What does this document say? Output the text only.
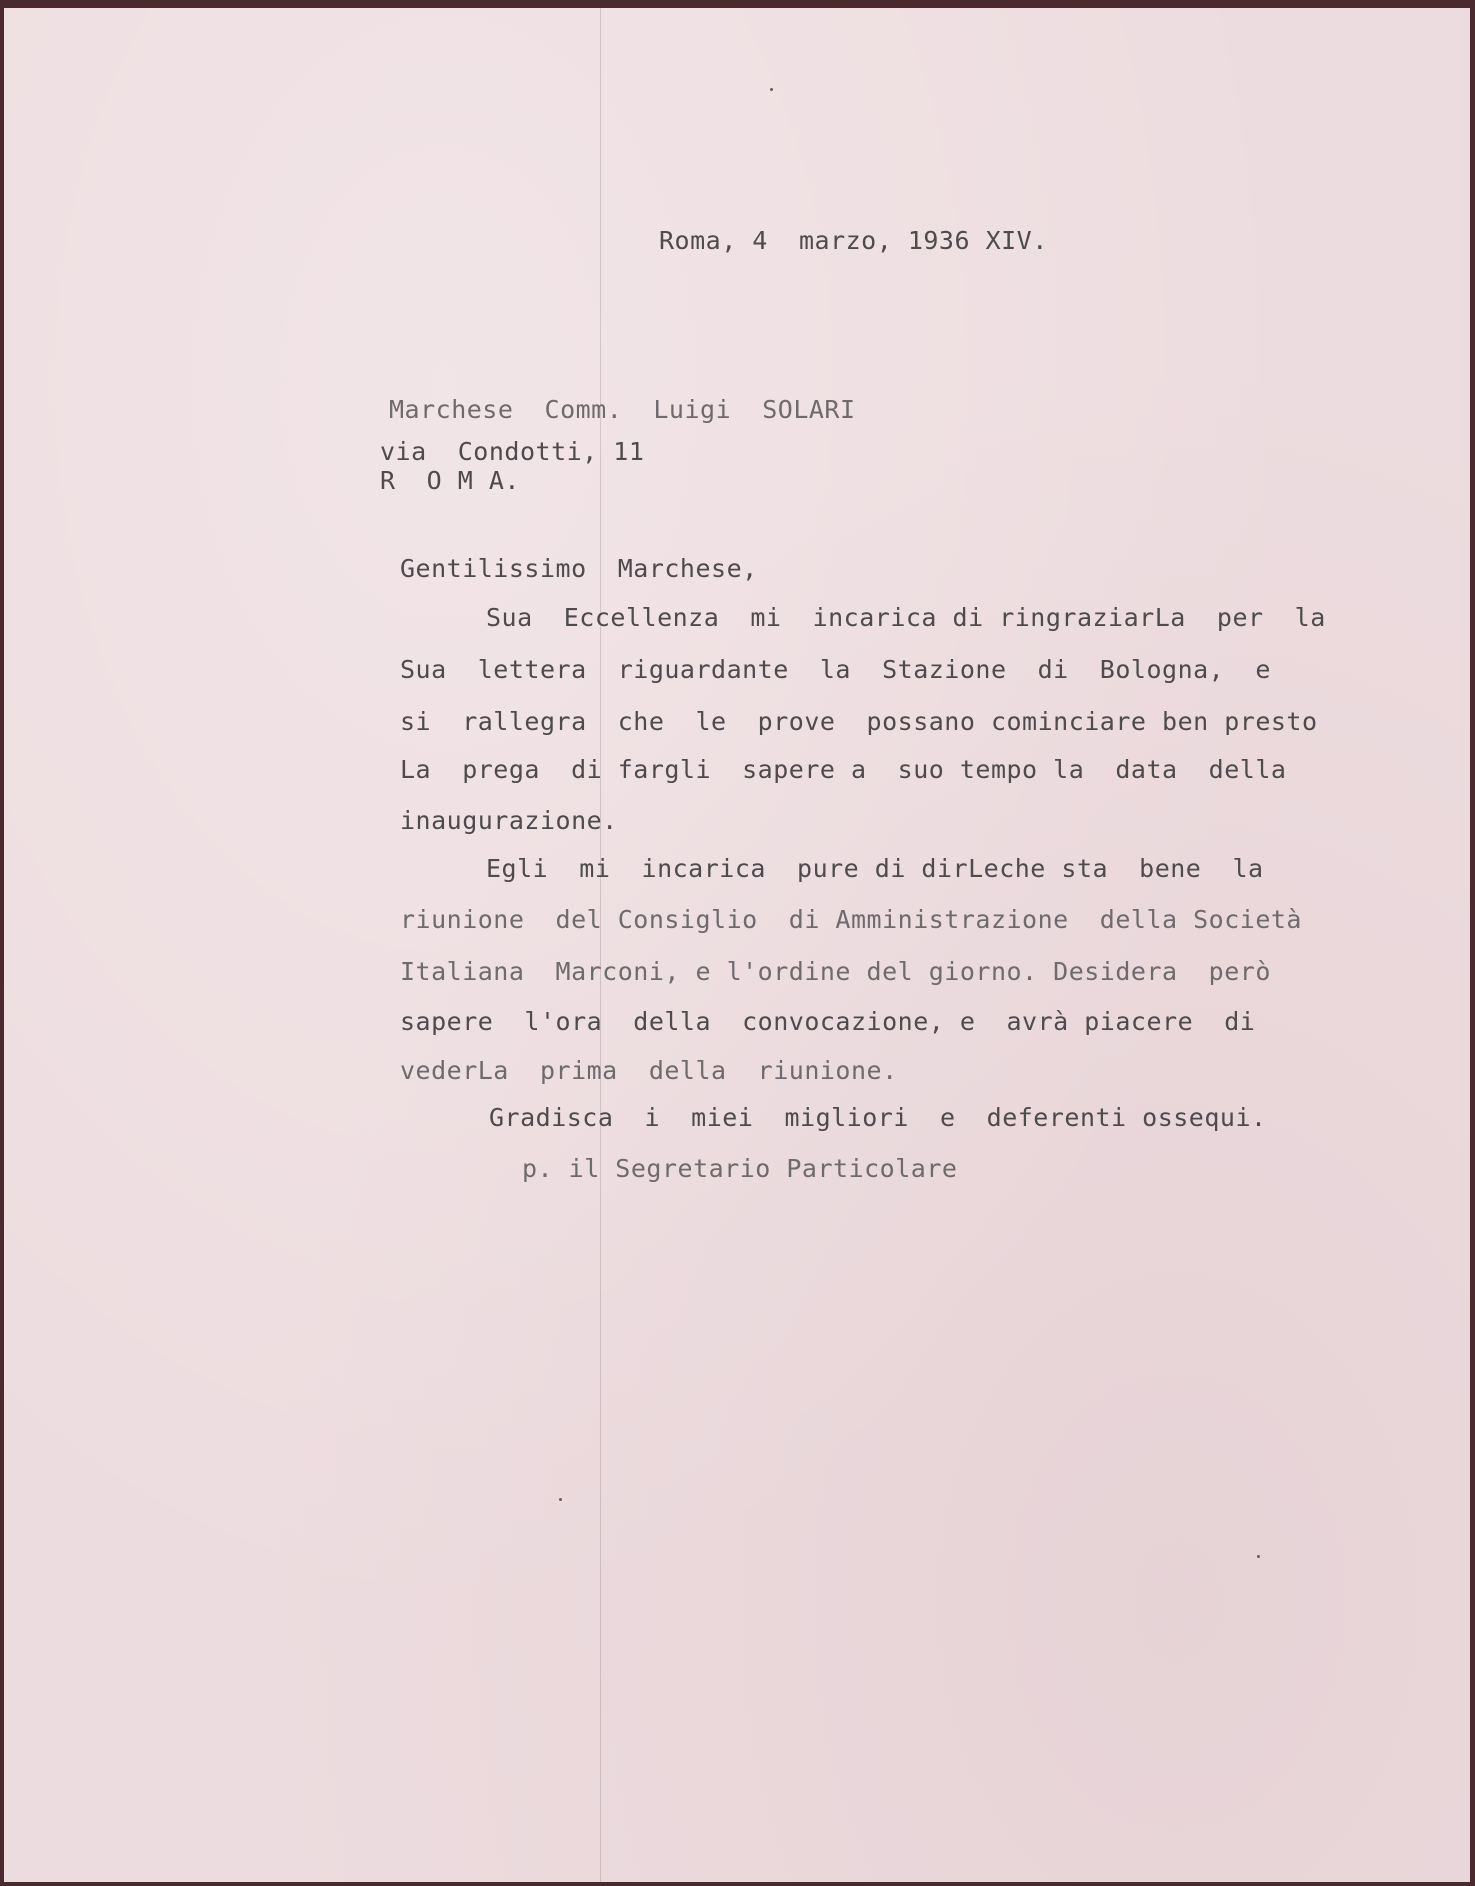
Roma, 4  marzo, 1936 XIV.
Marchese  Comm.  Luigi  SOLARI
via  Condotti, 11
R  O M A.
Gentilissimo  Marchese,
Sua  Eccellenza  mi  incarica di ringraziarLa  per  la
Sua  lettera  riguardante  la  Stazione  di  Bologna,  e
si  rallegra  che  le  prove  possano cominciare ben presto
La  prega  di fargli  sapere a  suo tempo la  data  della
inaugurazione.
Egli  mi  incarica  pure di dirLeche sta  bene  la
riunione  del Consiglio  di Amministrazione  della Società
Italiana  Marconi, e l'ordine del giorno. Desidera  però
sapere  l'ora  della  convocazione, e  avrà piacere  di
vederLa  prima  della  riunione.
Gradisca  i  miei  migliori  e  deferenti ossequi.
p. il Segretario Particolare
